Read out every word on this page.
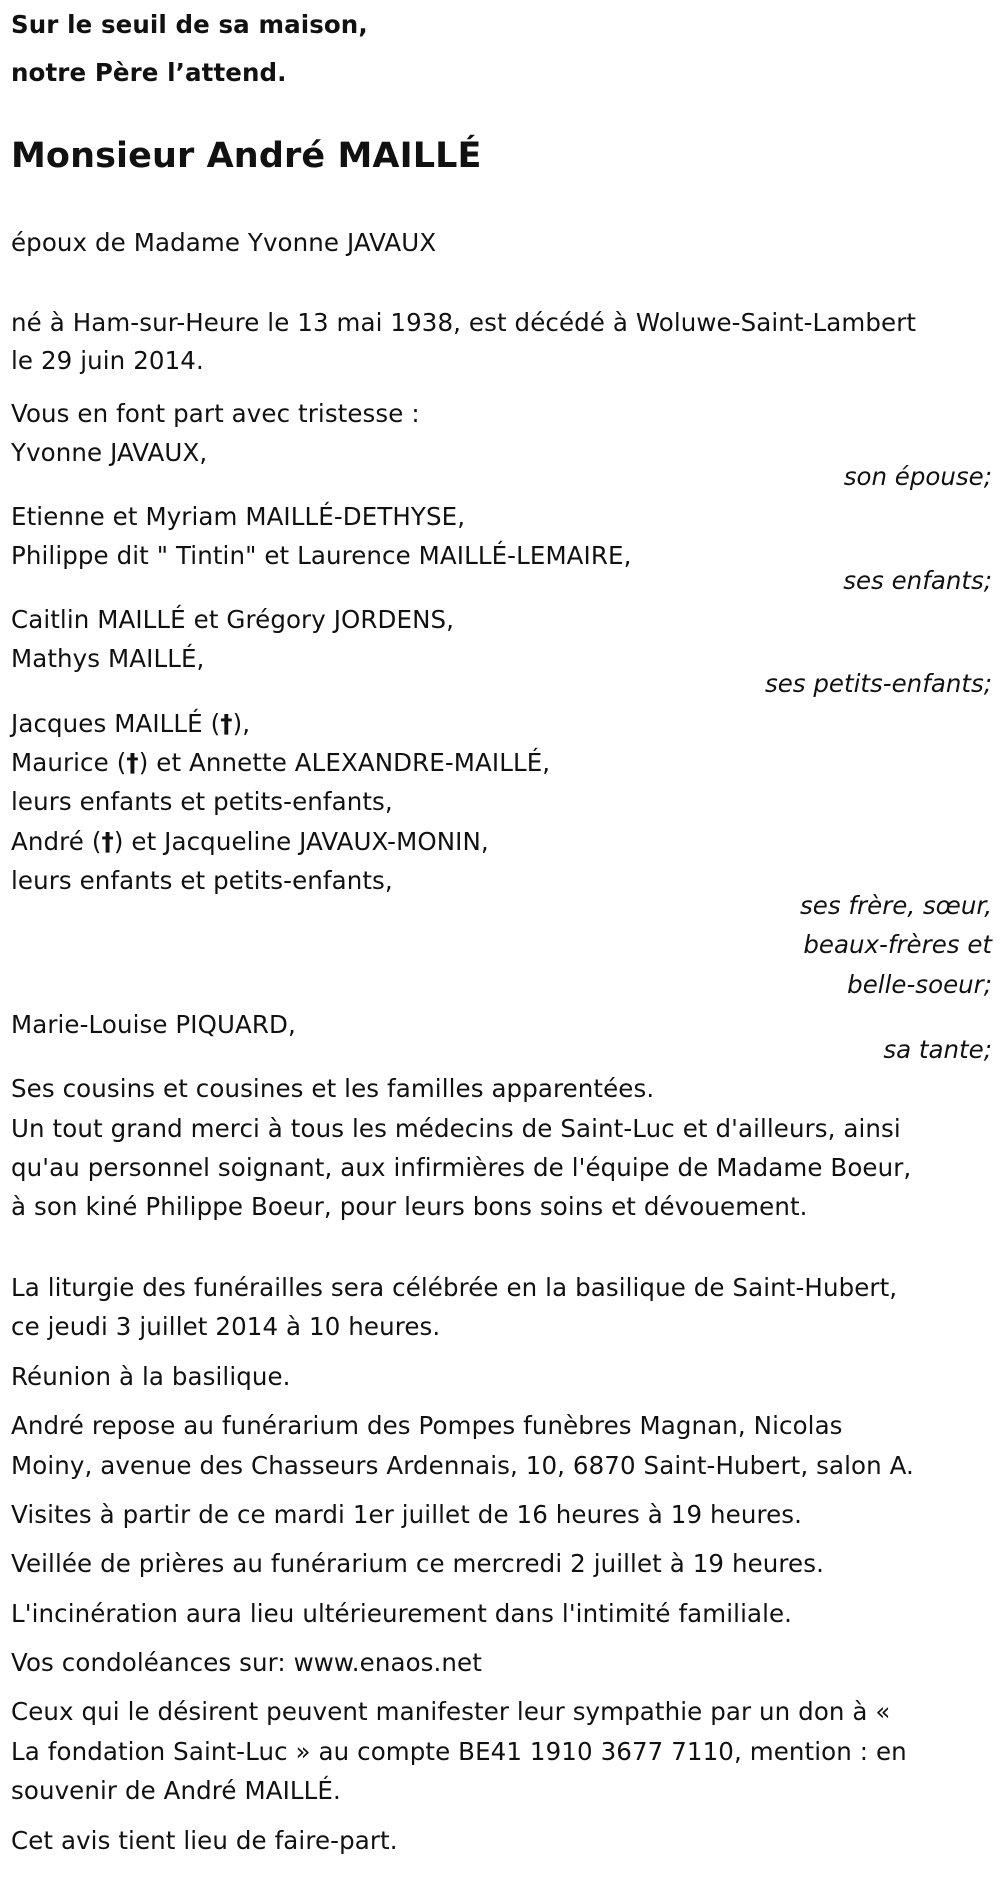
Sur le seuil de sa maison,
notre Père l’attend.
Monsieur André MAILLÉ
époux de Madame Yvonne JAVAUX
né à Ham-sur-Heure le 13 mai 1938, est décédé à Woluwe-Saint-Lambert
le 29 juin 2014.
Vous en font part avec tristesse :
Yvonne JAVAUX,
son épouse;
Etienne et Myriam MAILLÉ-DETHYSE,
Philippe dit " Tintin" et Laurence MAILLÉ-LEMAIRE,
ses enfants;
Caitlin MAILLÉ et Grégory JORDENS,
Mathys MAILLÉ,
ses petits-enfants;
Jacques MAILLÉ (†),
Maurice (†) et Annette ALEXANDRE-MAILLÉ,
leurs enfants et petits-enfants,
André (†) et Jacqueline JAVAUX-MONIN,
leurs enfants et petits-enfants,
ses frère, sœur,
beaux-frères et
belle-soeur;
Marie-Louise PIQUARD,
sa tante;
Ses cousins et cousines et les familles apparentées.
Un tout grand merci à tous les médecins de Saint-Luc et d'ailleurs, ainsi
qu'au personnel soignant, aux infirmières de l'équipe de Madame Boeur,
à son kiné Philippe Boeur, pour leurs bons soins et dévouement.
La liturgie des funérailles sera célébrée en la basilique de Saint-Hubert,
ce jeudi 3 juillet 2014 à 10 heures.
Réunion à la basilique.
André repose au funérarium des Pompes funèbres Magnan, Nicolas
Moiny, avenue des Chasseurs Ardennais, 10, 6870 Saint-Hubert, salon A.
Visites à partir de ce mardi 1er juillet de 16 heures à 19 heures.
Veillée de prières au funérarium ce mercredi 2 juillet à 19 heures.
L'incinération aura lieu ultérieurement dans l'intimité familiale.
Vos condoléances sur: www.enaos.net
Ceux qui le désirent peuvent manifester leur sympathie par un don à «
La fondation Saint-Luc » au compte BE41 1910 3677 7110, mention : en
souvenir de André MAILLÉ.
Cet avis tient lieu de faire-part.
